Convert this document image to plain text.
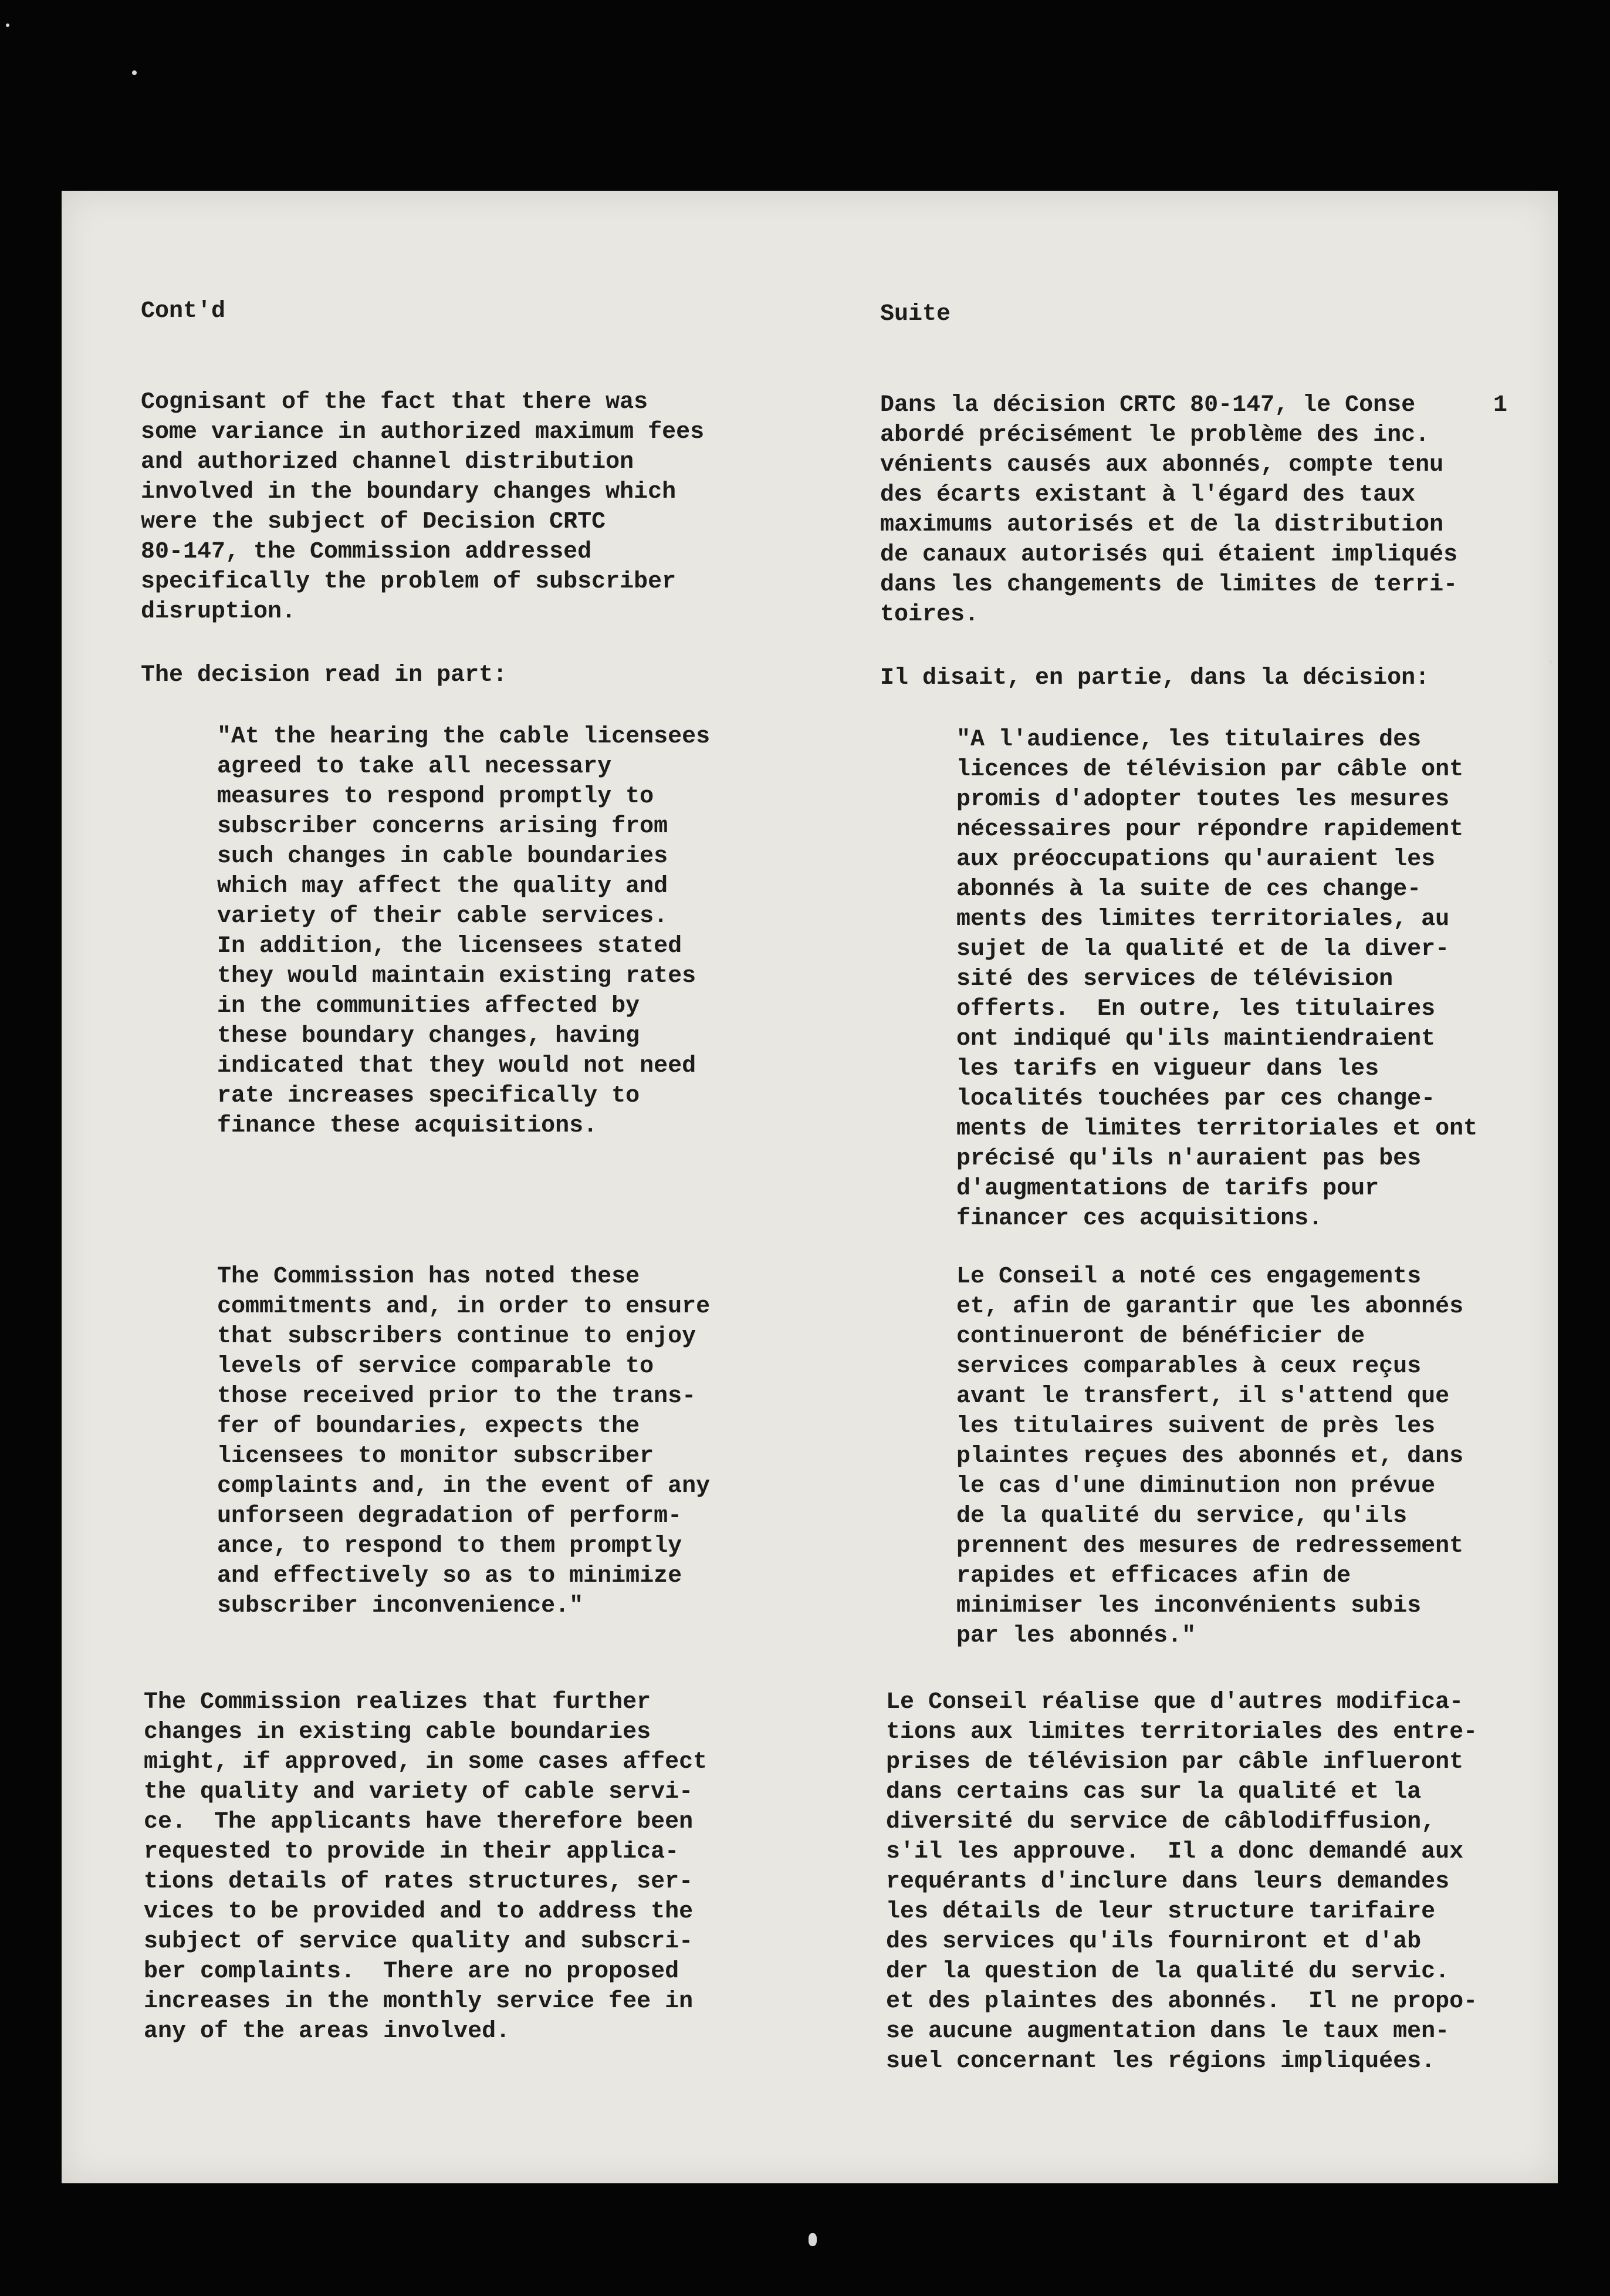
Cont'd
Cognisant of the fact that there was
some variance in authorized maximum fees
and authorized channel distribution
involved in the boundary changes which
were the subject of Decision CRTC
80-147, the Commission addressed
specifically the problem of subscriber
disruption.
The decision read in part:
"At the hearing the cable licensees
agreed to take all necessary
measures to respond promptly to
subscriber concerns arising from
such changes in cable boundaries
which may affect the quality and
variety of their cable services.
In addition, the licensees stated
they would maintain existing rates
in the communities affected by
these boundary changes, having
indicated that they would not need
rate increases specifically to
finance these acquisitions.
The Commission has noted these
commitments and, in order to ensure
that subscribers continue to enjoy
levels of service comparable to
those received prior to the trans-
fer of boundaries, expects the
licensees to monitor subscriber
complaints and, in the event of any
unforseen degradation of perform-
ance, to respond to them promptly
and effectively so as to minimize
subscriber inconvenience."
The Commission realizes that further
changes in existing cable boundaries
might, if approved, in some cases affect
the quality and variety of cable servi-
ce.  The applicants have therefore been
requested to provide in their applica-
tions details of rates structures, ser-
vices to be provided and to address the
subject of service quality and subscri-
ber complaints.  There are no proposed
increases in the monthly service fee in
any of the areas involved.
Suite
Dans la décision CRTC 80-147, le Conse
abordé précisément le problème des inc.
vénients causés aux abonnés, compte tenu
des écarts existant à l'égard des taux
maximums autorisés et de la distribution
de canaux autorisés qui étaient impliqués
dans les changements de limites de terri-
toires.
1
Il disait, en partie, dans la décision:
"A l'audience, les titulaires des
licences de télévision par câble ont
promis d'adopter toutes les mesures
nécessaires pour répondre rapidement
aux préoccupations qu'auraient les
abonnés à la suite de ces change-
ments des limites territoriales, au
sujet de la qualité et de la diver-
sité des services de télévision
offerts.  En outre, les titulaires
ont indiqué qu'ils maintiendraient
les tarifs en vigueur dans les
localités touchées par ces change-
ments de limites territoriales et ont
précisé qu'ils n'auraient pas bes
d'augmentations de tarifs pour
financer ces acquisitions.
Le Conseil a noté ces engagements
et, afin de garantir que les abonnés
continueront de bénéficier de
services comparables à ceux reçus
avant le transfert, il s'attend que
les titulaires suivent de près les
plaintes reçues des abonnés et, dans
le cas d'une diminution non prévue
de la qualité du service, qu'ils
prennent des mesures de redressement
rapides et efficaces afin de
minimiser les inconvénients subis
par les abonnés."
Le Conseil réalise que d'autres modifica-
tions aux limites territoriales des entre-
prises de télévision par câble influeront
dans certains cas sur la qualité et la
diversité du service de câblodiffusion,
s'il les approuve.  Il a donc demandé aux
requérants d'inclure dans leurs demandes
les détails de leur structure tarifaire
des services qu'ils fourniront et d'ab
der la question de la qualité du servic.
et des plaintes des abonnés.  Il ne propo-
se aucune augmentation dans le taux men-
suel concernant les régions impliquées.
